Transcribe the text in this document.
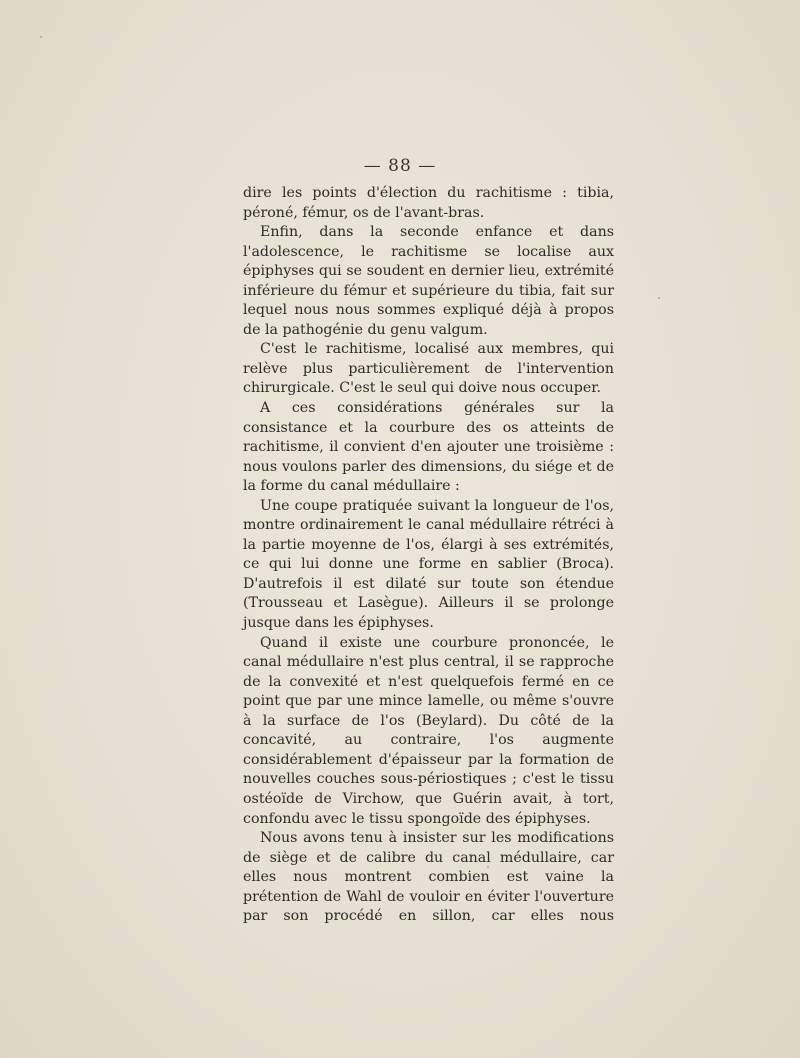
— 88 —

dire les points d'élection du rachitisme : tibia, péroné, fémur, os de l'avant-bras.

Enfin, dans la seconde enfance et dans l'adolescence, le rachitisme se localise aux épiphyses qui se soudent en dernier lieu, extrémité inférieure du fémur et supérieure du tibia, fait sur lequel nous nous sommes expliqué déjà à propos de la pathogénie du genu valgum.

C'est le rachitisme, localisé aux membres, qui relève plus particulièrement de l'intervention chirurgicale. C'est le seul qui doive nous occuper.

A ces considérations générales sur la consistance et la courbure des os atteints de rachitisme, il convient d'en ajouter une troisième : nous voulons parler des dimensions, du siége et de la forme du canal médullaire :

Une coupe pratiquée suivant la longueur de l'os, montre ordinairement le canal médullaire rétréci à la partie moyenne de l'os, élargi à ses extrémités, ce qui lui donne une forme en sablier (Broca). D'autrefois il est dilaté sur toute son étendue (Trousseau et Lasègue). Ailleurs il se prolonge jusque dans les épiphyses.

Quand il existe une courbure prononcée, le canal médullaire n'est plus central, il se rapproche de la convexité et n'est quelquefois fermé en ce point que par une mince lamelle, ou même s'ouvre à la surface de l'os (Beylard). Du côté de la concavité, au contraire, l'os augmente considérablement d'épaisseur par la formation de nouvelles couches sous-périostiques ; c'est le tissu ostéoïde de Virchow, que Guérin avait, à tort, confondu avec le tissu spongoïde des épiphyses.

Nous avons tenu à insister sur les modifications de siège et de calibre du canal médullaire, car elles nous montrent combien est vaine la prétention de Wahl de vouloir en éviter l'ouverture par son procédé en sillon, car elles nous
